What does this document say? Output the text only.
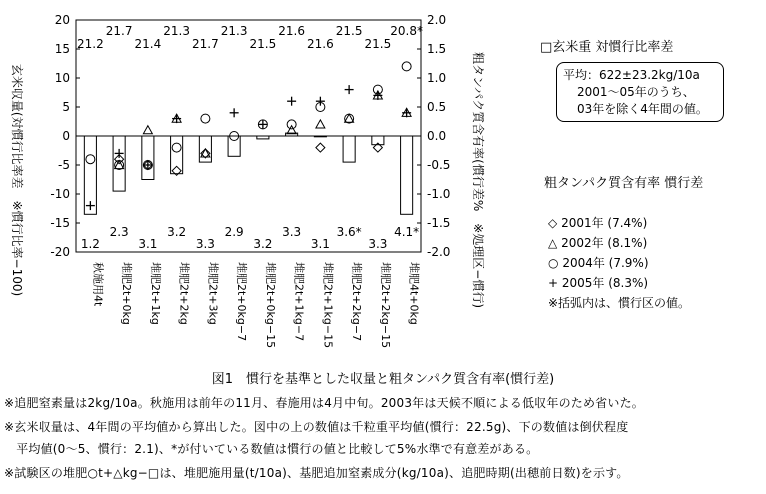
20
15
10
5
0
-5
-10
-15
-20
2.0
1.5
1.0
0.5
0.0
-0.5
-1.0
-1.5
-2.0
秋施用4t 堆肥2t+0kg 堆肥2t+1kg 堆肥2t+2kg 堆肥2t+3kg 堆肥2t+0kg−7 堆肥2t+0kg−15 堆肥2t+1kg−7 堆肥2t+1kg−15 堆肥2t+2kg−7 堆肥2t+2kg−15 堆肥4t+0kg
21.2
21.7
21.4
21.3
21.7
21.3
21.5
21.6
21.6
21.5
21.5
20.8*
1.2
2.3
3.1
3.2
3.3
2.9
3.2
3.3
3.1
3.6*
3.3
4.1*
玄米収量(対慣行比率差　※慣行比率−100)	粗タンパク質含有率(慣行差%　※処理区−慣行)
□玄米重 対慣行比率差
平均：622±23.2kg/10a
2001〜05年のうち、
03年を除く4年間の値。
粗タンパク質含有率 慣行差
◇ 2001年 (7.4%)
△ 2002年 (8.1%)
○ 2004年 (7.9%)
+ 2005年 (8.3%)
※括弧内は、慣行区の値。
図1　慣行を基準とした収量と粗タンパク質含有率(慣行差)
※追肥窒素量は2kg/10a。秋施用は前年の11月、春施用は4月中旬。2003年は天候不順による低収年のため省いた。
※玄米収量は、4年間の平均値から算出した。図中の上の数値は千粒重平均値(慣行：22.5g)、下の数値は倒伏程度
　平均値(0〜5、慣行：2.1)、*が付いている数値は慣行の値と比較して5%水準で有意差がある。
※試験区の堆肥○t+△kg−□は、堆肥施用量(t/10a)、基肥追加窒素成分(kg/10a)、追肥時期(出穂前日数)を示す。
